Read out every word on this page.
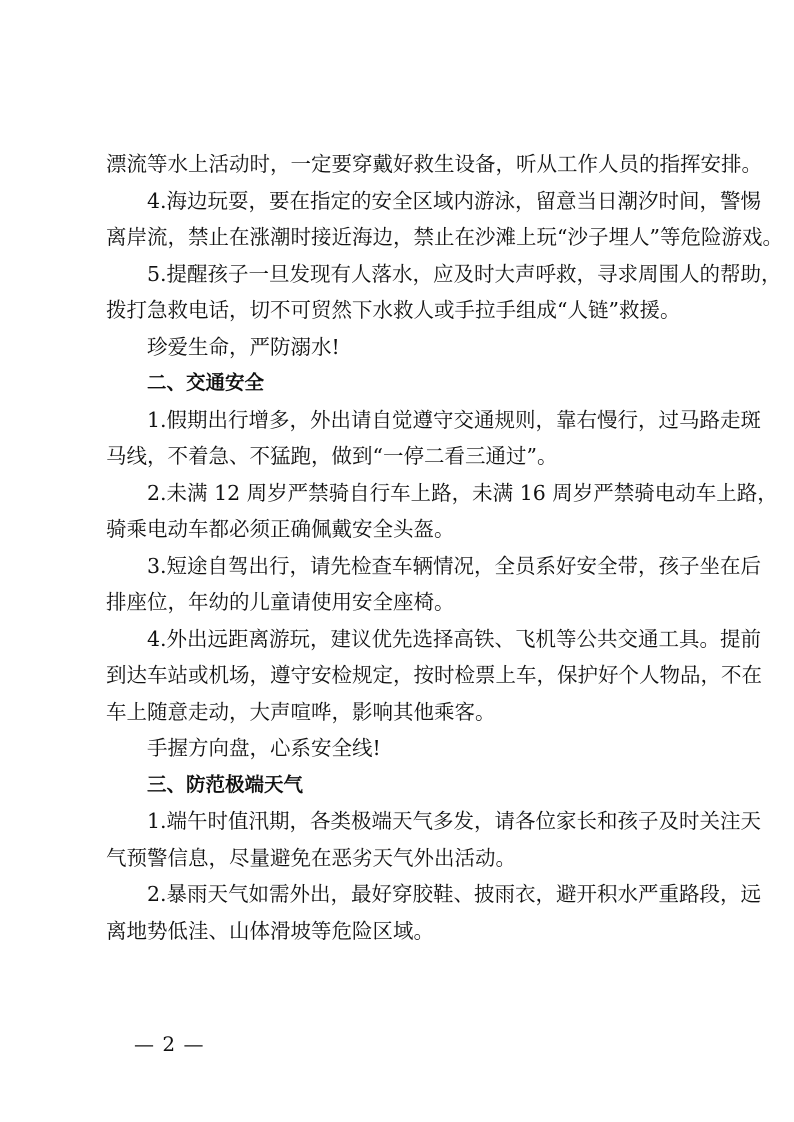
漂流等水上活动时，一定要穿戴好救生设备，听从工作人员的指挥安排。
4.海边玩耍，要在指定的安全区域内游泳，留意当日潮汐时间，警惕
离岸流，禁止在涨潮时接近海边，禁止在沙滩上玩“沙子埋人”等危险游戏。
5.提醒孩子一旦发现有人落水，应及时大声呼救，寻求周围人的帮助，
拨打急救电话，切不可贸然下水救人或手拉手组成“人链”救援。
珍爱生命，严防溺水!
二、交通安全
1.假期出行增多，外出请自觉遵守交通规则，靠右慢行，过马路走斑
马线，不着急、不猛跑，做到“一停二看三通过”。
2.未满 12 周岁严禁骑自行车上路，未满 16 周岁严禁骑电动车上路，
骑乘电动车都必须正确佩戴安全头盔。
3.短途自驾出行，请先检查车辆情况，全员系好安全带，孩子坐在后
排座位，年幼的儿童请使用安全座椅。
4.外出远距离游玩，建议优先选择高铁、飞机等公共交通工具。提前
到达车站或机场，遵守安检规定，按时检票上车，保护好个人物品，不在
车上随意走动，大声喧哗，影响其他乘客。
手握方向盘，心系安全线!
三、防范极端天气
1.端午时值汛期，各类极端天气多发，请各位家长和孩子及时关注天
气预警信息，尽量避免在恶劣天气外出活动。
2.暴雨天气如需外出，最好穿胶鞋、披雨衣，避开积水严重路段，远
离地势低洼、山体滑坡等危险区域。
— 2 —
